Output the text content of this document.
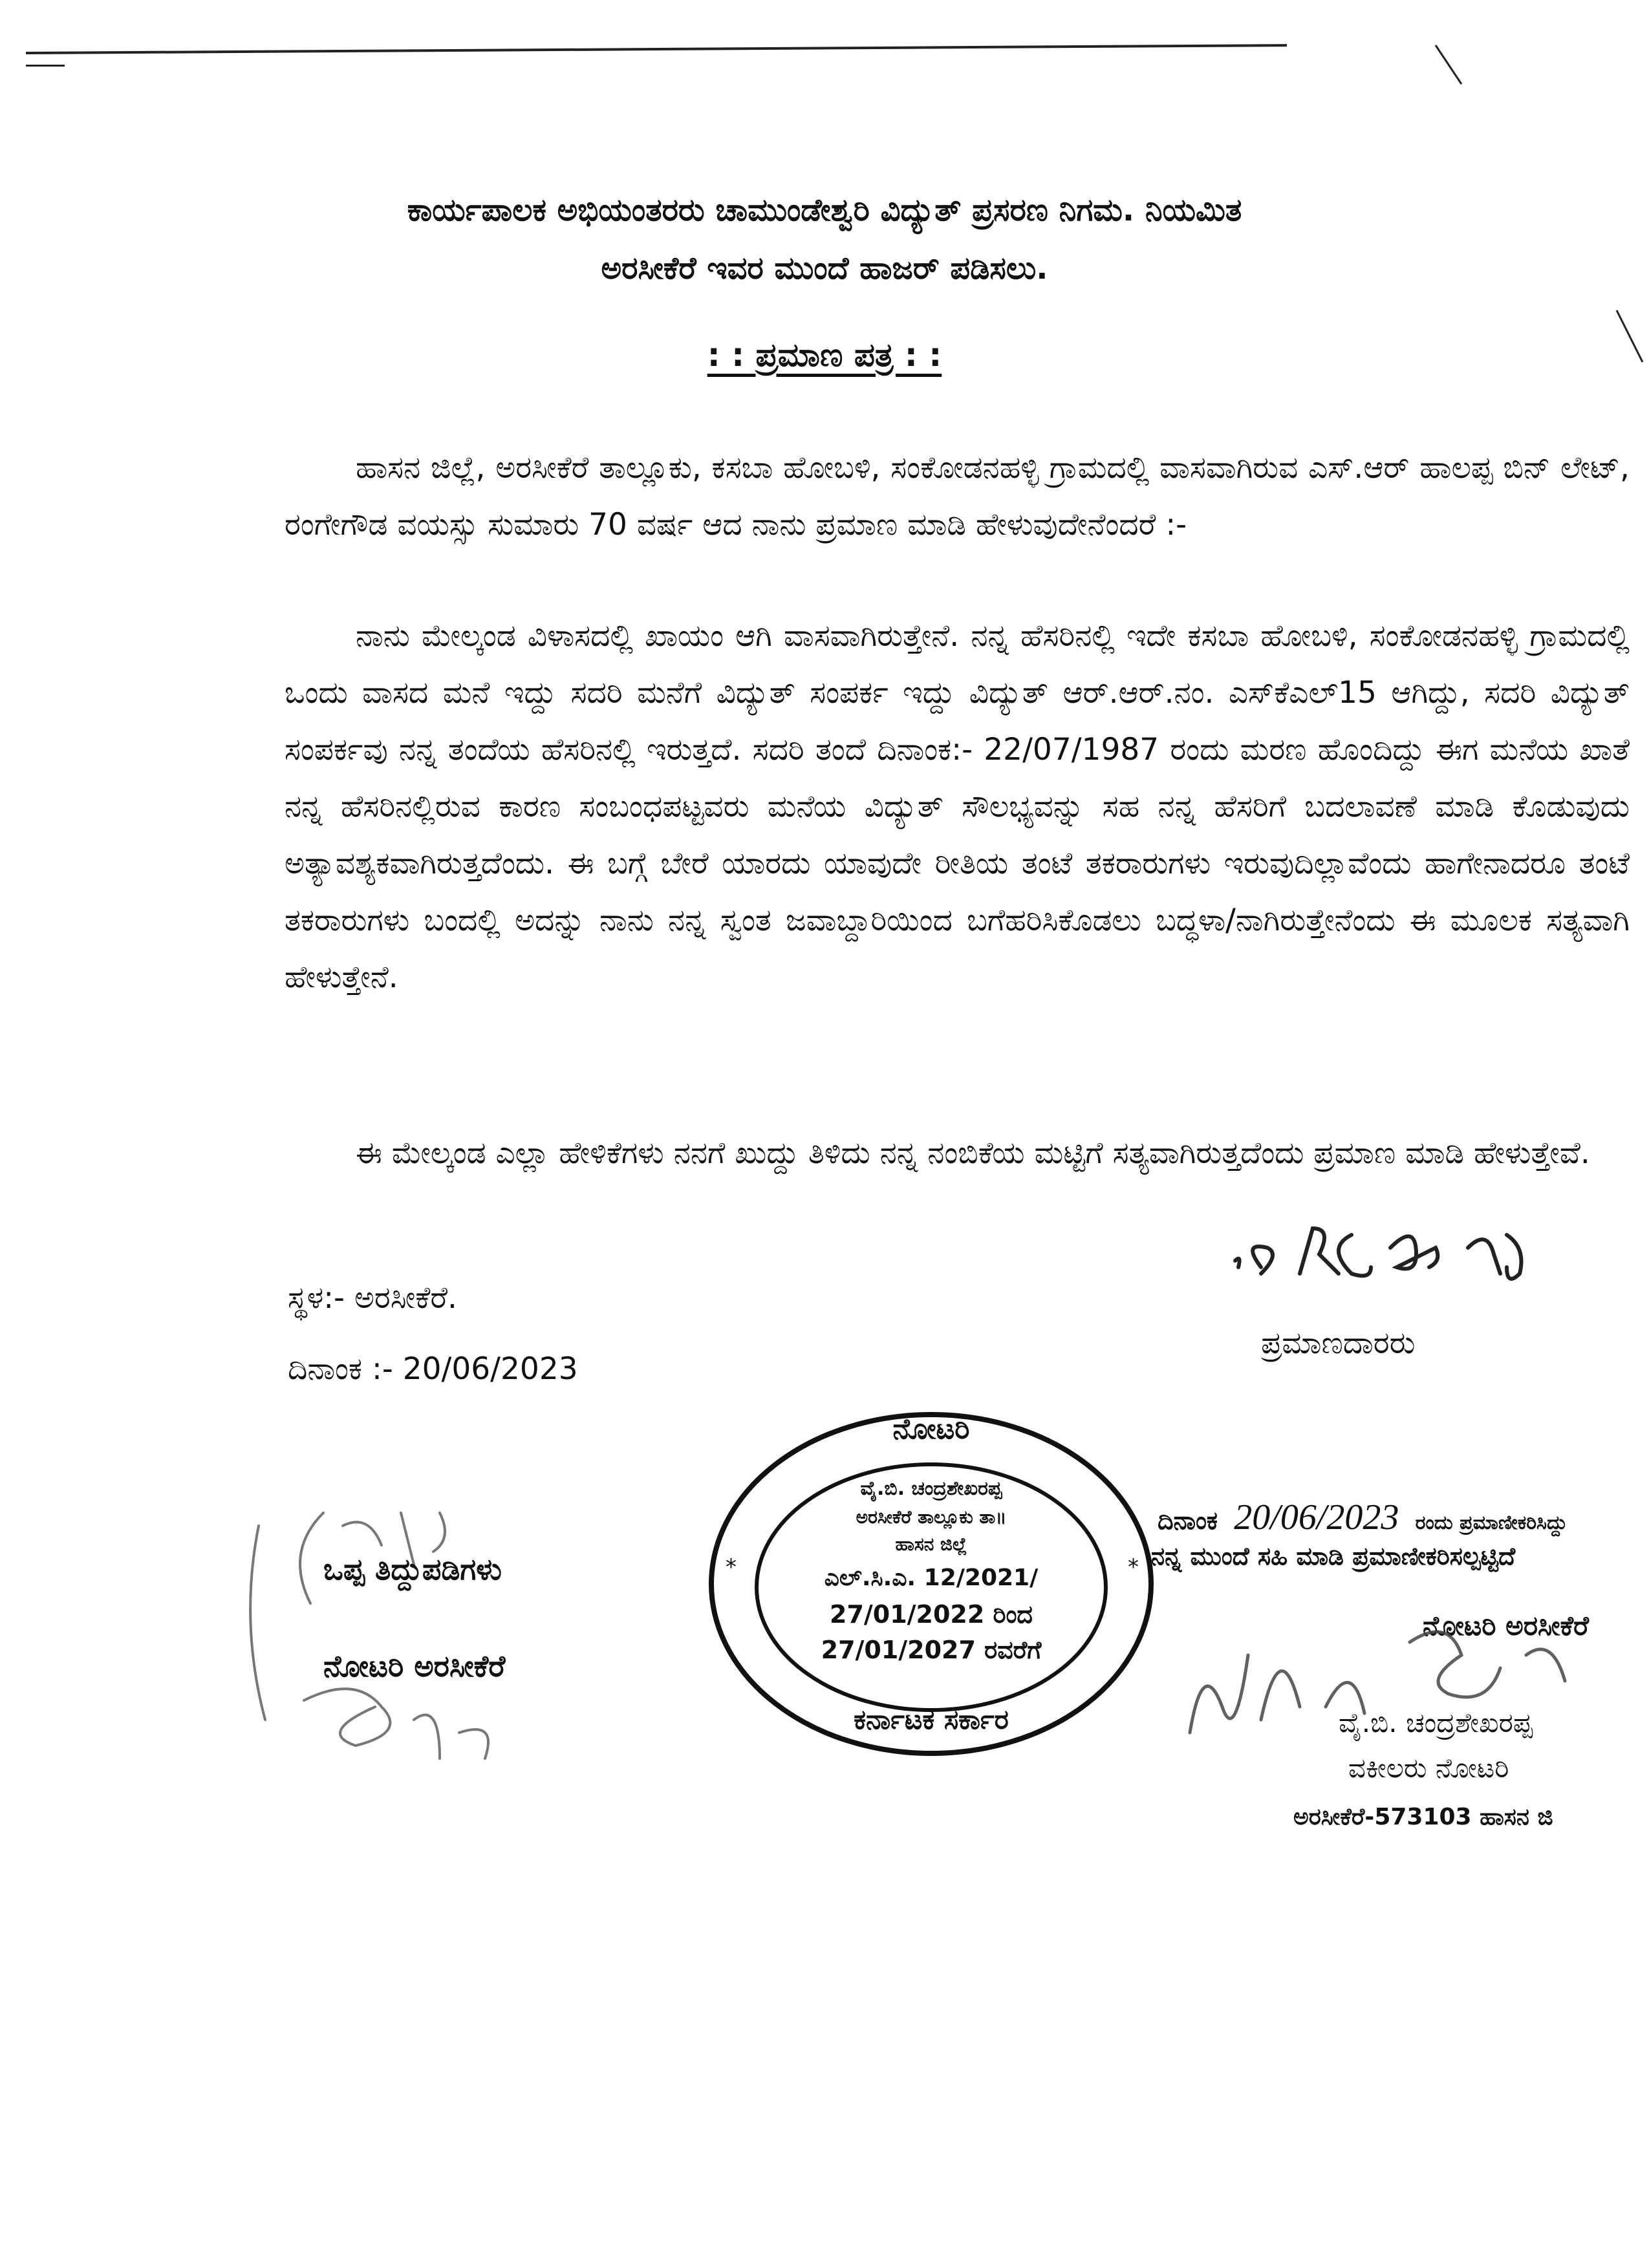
ಕಾರ್ಯಪಾಲಕ ಅಭಿಯಂತರರು ಚಾಮುಂಡೇಶ್ವರಿ ವಿದ್ಯುತ್ ಪ್ರಸರಣ ನಿಗಮ. ನಿಯಮಿತ
ಅರಸೀಕೆರೆ ಇವರ ಮುಂದೆ ಹಾಜರ್ ಪಡಿಸಲು.
: : ಪ್ರಮಾಣ ಪತ್ರ : :
ಹಾಸನ ಜಿಲ್ಲೆ, ಅರಸೀಕೆರೆ ತಾಲ್ಲೂಕು, ಕಸಬಾ ಹೋಬಳಿ, ಸಂಕೋಡನಹಳ್ಳಿ ಗ್ರಾಮದಲ್ಲಿ ವಾಸವಾಗಿರುವ ಎಸ್.ಆರ್ ಹಾಲಪ್ಪ ಬಿನ್ ಲೇಟ್, ರಂಗೇಗೌಡ ವಯಸ್ಸು ಸುಮಾರು 70 ವರ್ಷ ಆದ ನಾನು ಪ್ರಮಾಣ ಮಾಡಿ ಹೇಳುವುದೇನೆಂದರೆ :-
ನಾನು ಮೇಲ್ಕಂಡ ವಿಳಾಸದಲ್ಲಿ ಖಾಯಂ ಆಗಿ ವಾಸವಾಗಿರುತ್ತೇನೆ. ನನ್ನ ಹೆಸರಿನಲ್ಲಿ ಇದೇ ಕಸಬಾ ಹೋಬಳಿ, ಸಂಕೋಡನಹಳ್ಳಿ ಗ್ರಾಮದಲ್ಲಿ ಒಂದು ವಾಸದ ಮನೆ ಇದ್ದು ಸದರಿ ಮನೆಗೆ ವಿದ್ಯುತ್ ಸಂಪರ್ಕ ಇದ್ದು ವಿದ್ಯುತ್ ಆರ್.ಆರ್.ನಂ. ಎಸ್‌ಕೆಎಲ್15 ಆಗಿದ್ದು, ಸದರಿ ವಿದ್ಯುತ್ ಸಂಪರ್ಕವು ನನ್ನ ತಂದೆಯ ಹೆಸರಿನಲ್ಲಿ ಇರುತ್ತದೆ. ಸದರಿ ತಂದೆ ದಿನಾಂಕ:- 22/07/1987 ರಂದು ಮರಣ ಹೊಂದಿದ್ದು ಈಗ ಮನೆಯ ಖಾತೆ ನನ್ನ ಹೆಸರಿನಲ್ಲಿರುವ ಕಾರಣ ಸಂಬಂಧಪಟ್ಟವರು ಮನೆಯ ವಿದ್ಯುತ್ ಸೌಲಭ್ಯವನ್ನು ಸಹ ನನ್ನ ಹೆಸರಿಗೆ ಬದಲಾವಣೆ ಮಾಡಿ ಕೊಡುವುದು ಅತ್ಯಾವಶ್ಯಕವಾಗಿರುತ್ತದೆಂದು. ಈ ಬಗ್ಗೆ ಬೇರೆ ಯಾರದು ಯಾವುದೇ ರೀತಿಯ ತಂಟೆ ತಕರಾರುಗಳು ಇರುವುದಿಲ್ಲಾವೆಂದು ಹಾಗೇನಾದರೂ ತಂಟೆ ತಕರಾರುಗಳು ಬಂದಲ್ಲಿ ಅದನ್ನು ನಾನು ನನ್ನ ಸ್ವಂತ ಜವಾಬ್ದಾರಿಯಿಂದ ಬಗೆಹರಿಸಿಕೊಡಲು ಬದ್ಧಳಾ/ನಾಗಿರುತ್ತೇನೆಂದು ಈ ಮೂಲಕ ಸತ್ಯವಾಗಿ ಹೇಳುತ್ತೇನೆ.
ಈ ಮೇಲ್ಕಂಡ ಎಲ್ಲಾ ಹೇಳಿಕೆಗಳು ನನಗೆ ಖುದ್ದು ತಿಳಿದು ನನ್ನ ನಂಬಿಕೆಯ ಮಟ್ಟಿಗೆ ಸತ್ಯವಾಗಿರುತ್ತದೆಂದು ಪ್ರಮಾಣ ಮಾಡಿ ಹೇಳುತ್ತೇವೆ.
ಸ್ಥಳ:- ಅರಸೀಕೆರೆ.
ದಿನಾಂಕ :- 20/06/2023
ಪ್ರಮಾಣದಾರರು
ಒಪ್ಪ ತಿದ್ದುಪಡಿಗಳು
ನೋಟರಿ ಅರಸೀಕೆರೆ
*	*
ನೋಟರಿ
ವೈ.ಬಿ. ಚಂದ್ರಶೇಖರಪ್ಪ
ಅರಸೀಕೆರೆ ತಾಲ್ಲೂಕು ತಾ॥
ಹಾಸನ ಜಿಲ್ಲೆ
ಎಲ್.ಸಿ.ಎ. 12/2021/
27/01/2022 ರಿಂದ
27/01/2027 ರವರೆಗೆ
ಕರ್ನಾಟಕ ಸರ್ಕಾರ
ದಿನಾಂಕ 20/06/2023 ರಂದು ಪ್ರಮಾಣೀಕರಿಸಿದ್ದು
ನನ್ನ ಮುಂದೆ ಸಹಿ ಮಾಡಿ ಪ್ರಮಾಣೀಕರಿಸಲ್ಪಟ್ಟಿದೆ
ನೋಟರಿ ಅರಸೀಕೆರೆ
ವೈ.ಬಿ. ಚಂದ್ರಶೇಖರಪ್ಪ
ವಕೀಲರು ನೋಟರಿ
ಅರಸೀಕೆರೆ-573103 ಹಾಸನ ಜಿ
